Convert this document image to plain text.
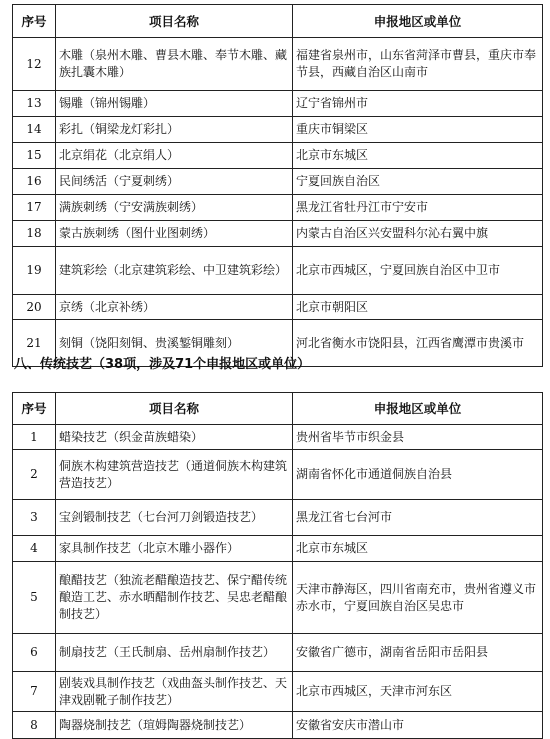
序号	项目名称	申报地区或单位
12	木雕（泉州木雕、曹县木雕、奉节木雕、藏族扎囊木雕）	福建省泉州市，山东省菏泽市曹县，重庆市奉节县，西藏自治区山南市
13	锡雕（锦州锡雕）	辽宁省锦州市
14	彩扎（铜梁龙灯彩扎）	重庆市铜梁区
15	北京绢花（北京绢人）	北京市东城区
16	民间绣活（宁夏刺绣）	宁夏回族自治区
17	满族刺绣（宁安满族刺绣）	黑龙江省牡丹江市宁安市
18	蒙古族刺绣（图什业图刺绣）	内蒙古自治区兴安盟科尔沁右翼中旗
19	建筑彩绘（北京建筑彩绘、中卫建筑彩绘）	北京市西城区，宁夏回族自治区中卫市
20	京绣（北京补绣）	北京市朝阳区
21	刻铜（饶阳刻铜、贵溪錾铜雕刻）	河北省衡水市饶阳县，江西省鹰潭市贵溪市
八、传统技艺（38项，涉及71个申报地区或单位）
序号	项目名称	申报地区或单位
1	蜡染技艺（织金苗族蜡染）	贵州省毕节市织金县
2	侗族木构建筑营造技艺（通道侗族木构建筑营造技艺）	湖南省怀化市通道侗族自治县
3	宝剑锻制技艺（七台河刀剑锻造技艺）	黑龙江省七台河市
4	家具制作技艺（北京木雕小器作）	北京市东城区
5	酿醋技艺（独流老醋酿造技艺、保宁醋传统酿造工艺、赤水晒醋制作技艺、吴忠老醋酿制技艺）	天津市静海区，四川省南充市，贵州省遵义市赤水市，宁夏回族自治区吴忠市
6	制扇技艺（王氏制扇、岳州扇制作技艺）	安徽省广德市，湖南省岳阳市岳阳县
7	剧装戏具制作技艺（戏曲盔头制作技艺、天津戏剧靴子制作技艺）	北京市西城区，天津市河东区
8	陶器烧制技艺（瑄姆陶器烧制技艺）	安徽省安庆市潜山市
